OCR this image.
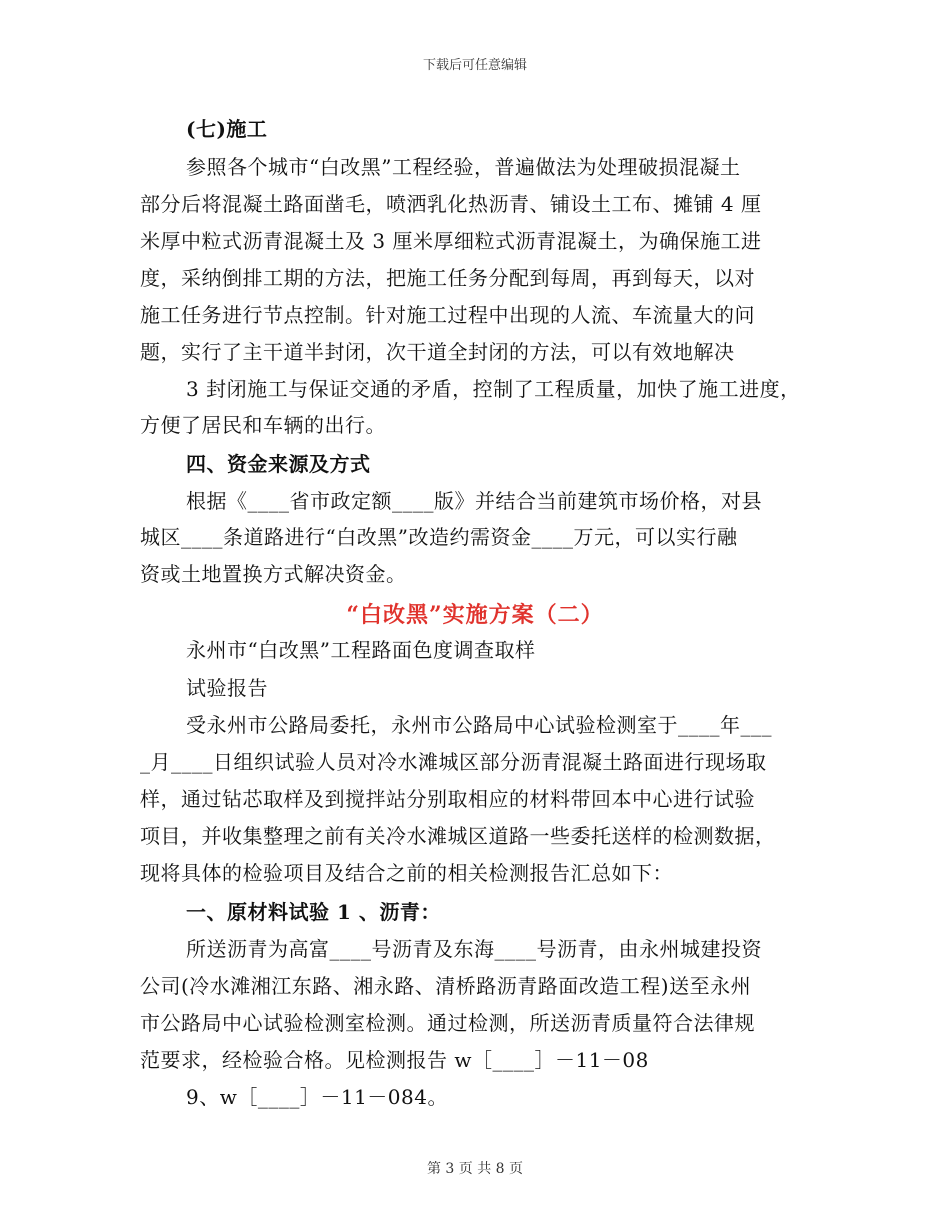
下载后可任意编辑
(七)施工
参照各个城市“白改黑”工程经验，普遍做法为处理破损混凝土
部分后将混凝土路面凿毛，喷洒乳化热沥青、铺设土工布、摊铺 4 厘
米厚中粒式沥青混凝土及 3 厘米厚细粒式沥青混凝土，为确保施工进
度，采纳倒排工期的方法，把施工任务分配到每周，再到每天，以对
施工任务进行节点控制。针对施工过程中出现的人流、车流量大的问
题，实行了主干道半封闭，次干道全封闭的方法，可以有效地解决
3 封闭施工与保证交通的矛盾，控制了工程质量，加快了施工进度，
方便了居民和车辆的出行。
四、资金来源及方式
根据《____省市政定额____版》并结合当前建筑市场价格，对县
城区____条道路进行“白改黑”改造约需资金____万元，可以实行融
资或土地置换方式解决资金。
“白改黑”实施方案（二）
永州市“白改黑”工程路面色度调查取样
试验报告
受永州市公路局委托，永州市公路局中心试验检测室于____年___
_月____日组织试验人员对冷水滩城区部分沥青混凝土路面进行现场取
样，通过钻芯取样及到搅拌站分别取相应的材料带回本中心进行试验
项目，并收集整理之前有关冷水滩城区道路一些委托送样的检测数据，
现将具体的检验项目及结合之前的相关检测报告汇总如下：
一、原材料试验 1 、沥青：
所送沥青为高富____号沥青及东海____号沥青，由永州城建投资
公司(冷水滩湘江东路、湘永路、清桥路沥青路面改造工程)送至永州
市公路局中心试验检测室检测。通过检测，所送沥青质量符合法律规
范要求，经检验合格。见检测报告 w［____］－11－08
9、w［____］－11－084。
第 3 页 共 8 页
